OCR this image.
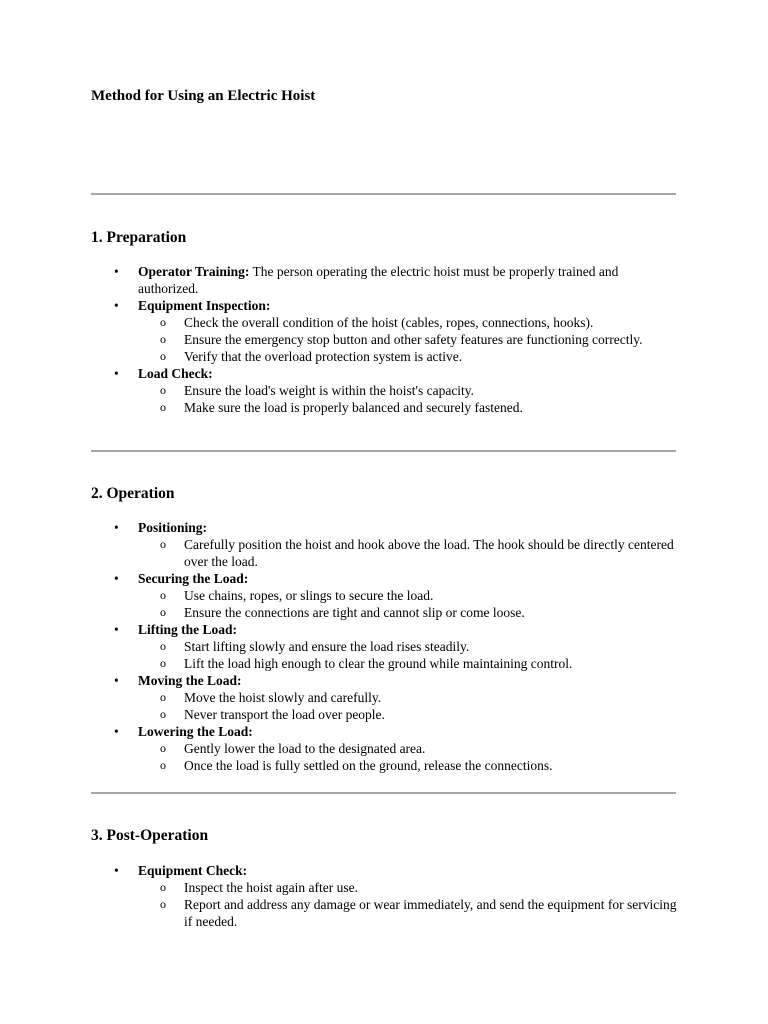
Method for Using an Electric Hoist
1. Preparation
• Operator Training: The person operating the electric hoist must be properly trained and authorized.
• Equipment Inspection:
o Check the overall condition of the hoist (cables, ropes, connections, hooks).
o Ensure the emergency stop button and other safety features are functioning correctly.
o Verify that the overload protection system is active.
• Load Check:
o Ensure the load's weight is within the hoist's capacity.
o Make sure the load is properly balanced and securely fastened.
2. Operation
• Positioning:
o Carefully position the hoist and hook above the load. The hook should be directly centered over the load.
• Securing the Load:
o Use chains, ropes, or slings to secure the load.
o Ensure the connections are tight and cannot slip or come loose.
• Lifting the Load:
o Start lifting slowly and ensure the load rises steadily.
o Lift the load high enough to clear the ground while maintaining control.
• Moving the Load:
o Move the hoist slowly and carefully.
o Never transport the load over people.
• Lowering the Load:
o Gently lower the load to the designated area.
o Once the load is fully settled on the ground, release the connections.
3. Post-Operation
• Equipment Check:
o Inspect the hoist again after use.
o Report and address any damage or wear immediately, and send the equipment for servicing if needed.
